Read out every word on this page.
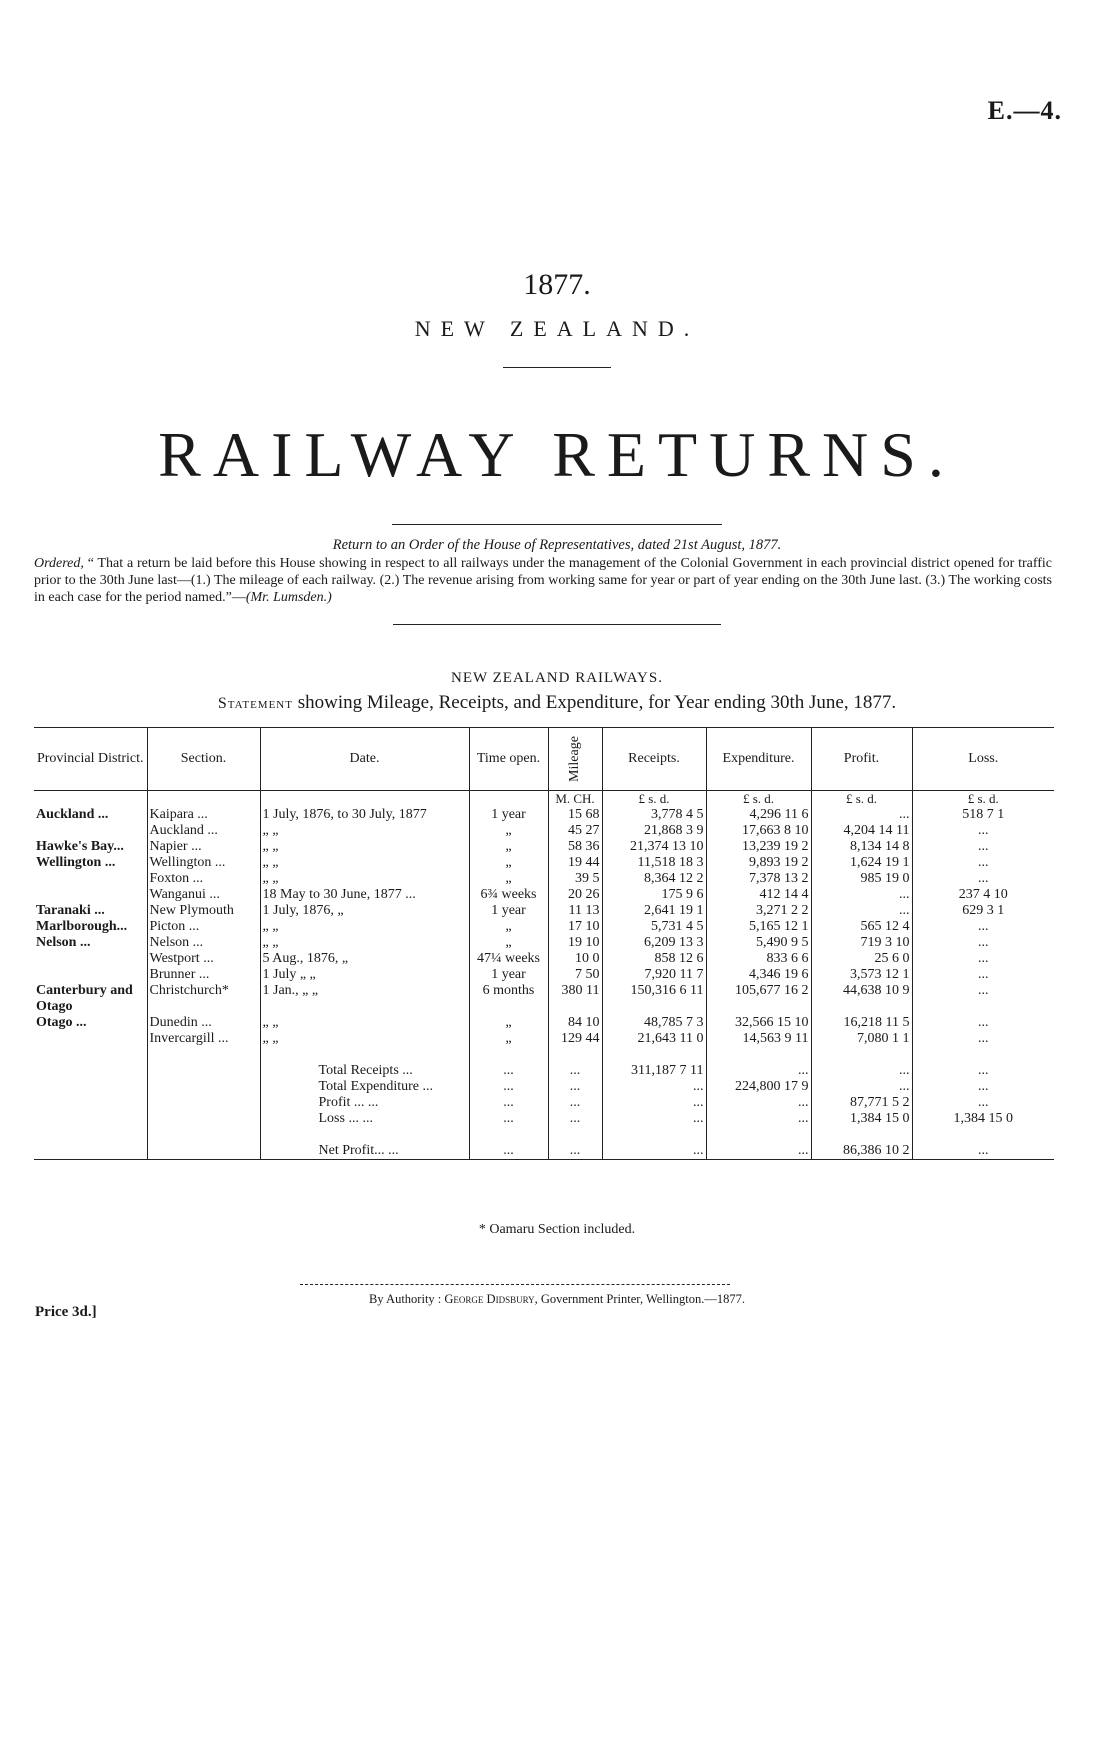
E.—4.
1877.
NEW ZEALAND.
RAILWAY RETURNS.
Return to an Order of the House of Representatives, dated 21st August, 1877.
Ordered, “ That a return be laid before this House showing in respect to all railways under the management of the Colonial Government in each provincial district opened for traffic prior to the 30th June last—(1.) The mileage of each railway. (2.) The revenue arising from working same for year or part of year ending on the 30th June last. (3.) The working costs in each case for the period named.”—(Mr. Lumsden.)
NEW ZEALAND RAILWAYS.
Statement showing Mileage, Receipts, and Expenditure, for Year ending 30th June, 1877.
Provincial District.	Section.	Date.	Time open.	Mileage	Receipts.	Expenditure.	Profit.	Loss.
				M. CH.	£ s. d.	£ s. d.	£ s. d.	£ s. d.
Auckland ...	Kaipara ...	1 July, 1876, to 30 July, 1877	1 year	15 68	3,778 4 5	4,296 11 6	...	518 7 1
	Auckland ...	„ „	„	45 27	21,868 3 9	17,663 8 10	4,204 14 11	...
Hawke's Bay...	Napier ...	„ „	„	58 36	21,374 13 10	13,239 19 2	8,134 14 8	...
Wellington ...	Wellington ...	„ „	„	19 44	11,518 18 3	9,893 19 2	1,624 19 1	...
	Foxton ...	„ „	„	39 5	8,364 12 2	7,378 13 2	985 19 0	...
	Wanganui ...	18 May to 30 June, 1877 ...	6¾ weeks	20 26	175 9 6	412 14 4	...	237 4 10
Taranaki ...	New Plymouth	1 July, 1876, „	1 year	11 13	2,641 19 1	3,271 2 2	...	629 3 1
Marlborough...	Picton ...	„ „	„	17 10	5,731 4 5	5,165 12 1	565 12 4	...
Nelson ...	Nelson ...	„ „	„	19 10	6,209 13 3	5,490 9 5	719 3 10	...
	Westport ...	5 Aug., 1876, „	47¼ weeks	10 0	858 12 6	833 6 6	25 6 0	...
	Brunner ...	1 July „ „	1 year	7 50	7,920 11 7	4,346 19 6	3,573 12 1	...
Canterbury and	Christchurch*	1 Jan., „ „	6 months	380 11	150,316 6 11	105,677 16 2	44,638 10 9	...
Otago								
Otago ...	Dunedin ...	„ „	„	84 10	48,785 7 3	32,566 15 10	16,218 11 5	...
	Invercargill ...	„ „	„	129 44	21,643 11 0	14,563 9 11	7,080 1 1	...

		Total Receipts ...	...	...	311,187 7 11	...	...	...
		Total Expenditure ...	...	...	...	224,800 17 9	...	...
		Profit ... ...	...	...	...	...	87,771 5 2	...
		Loss ... ...	...	...	...	...	1,384 15 0	1,384 15 0

		Net Profit... ...	...	...	...	...	86,386 10 2	...
* Oamaru Section included.
By Authority : George Didsbury, Government Printer, Wellington.—1877.
Price 3d.]
